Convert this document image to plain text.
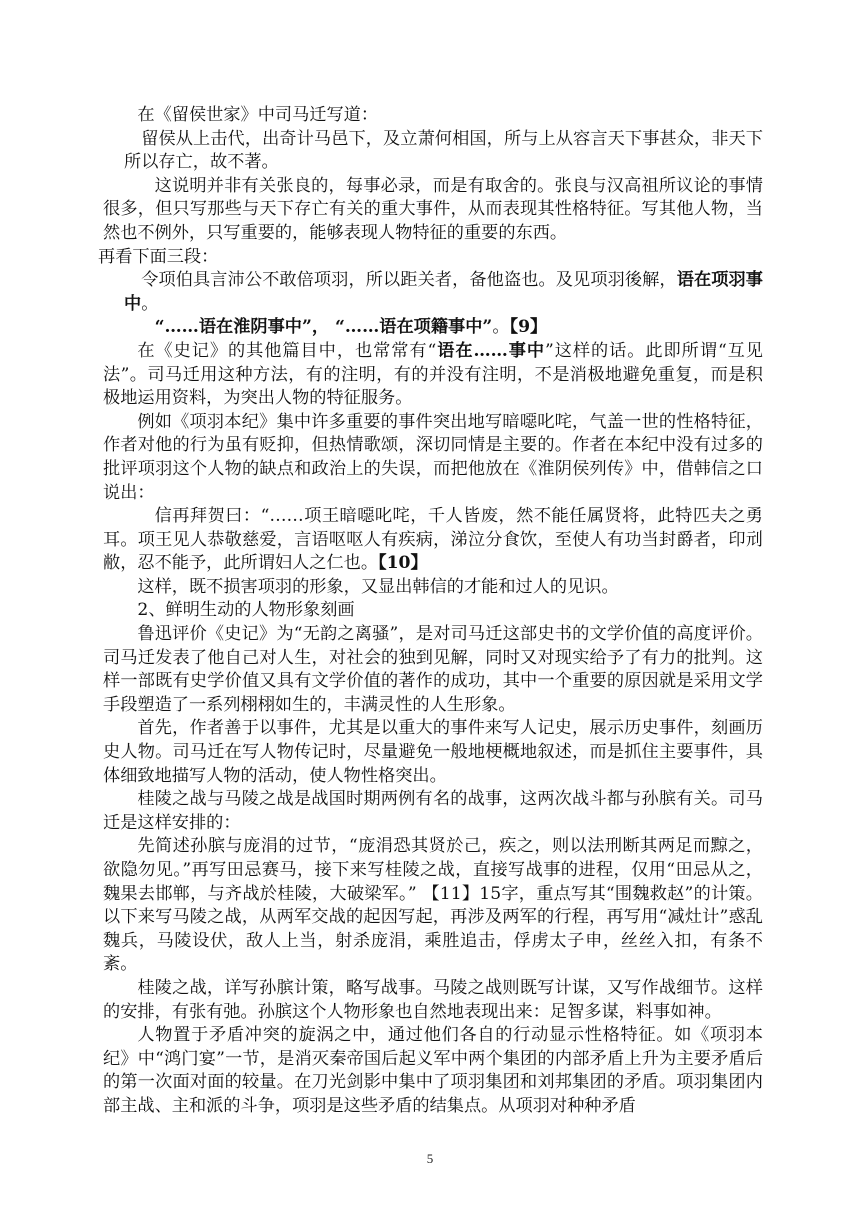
在《留侯世家》中司马迁写道：

留侯从上击代，出奇计马邑下，及立萧何相国，所与上从容言天下事甚众，非天下所以存亡，故不著。

这说明并非有关张良的，每事必录，而是有取舍的。张良与汉高祖所议论的事情很多，但只写那些与天下存亡有关的重大事件，从而表现其性格特征。写其他人物，当然也不例外，只写重要的，能够表现人物特征的重要的东西。

再看下面三段：

令项伯具言沛公不敢倍项羽，所以距关者，备他盗也。及见项羽後解，语在项羽事中。

“……语在淮阴事中”， “……语在项籍事中”。【9】

在《史记》的其他篇目中，也常常有“语在……事中”这样的话。此即所谓“互见法”。司马迁用这种方法，有的注明，有的并没有注明，不是消极地避免重复，而是积极地运用资料，为突出人物的特征服务。

例如《项羽本纪》集中许多重要的事件突出地写暗噁叱咤，气盖一世的性格特征，作者对他的行为虽有贬抑，但热情歌颂，深切同情是主要的。作者在本纪中没有过多的批评项羽这个人物的缺点和政治上的失误，而把他放在《淮阴侯列传》中，借韩信之口说出：

信再拜贺曰：“……项王暗噁叱咤，千人皆废，然不能任属贤将，此特匹夫之勇耳。项王见人恭敬慈爱，言语呕呕人有疾病，涕泣分食饮，至使人有功当封爵者，印刓敝，忍不能予，此所谓妇人之仁也。【10】

这样，既不损害项羽的形象，又显出韩信的才能和过人的见识。

2、鲜明生动的人物形象刻画

鲁迅评价《史记》为“无韵之离骚”，是对司马迁这部史书的文学价值的高度评价。司马迁发表了他自己对人生，对社会的独到见解，同时又对现实给予了有力的批判。这样一部既有史学价值又具有文学价值的著作的成功，其中一个重要的原因就是采用文学手段塑造了一系列栩栩如生的，丰满灵性的人生形象。

首先，作者善于以事件，尤其是以重大的事件来写人记史，展示历史事件，刻画历史人物。司马迁在写人物传记时，尽量避免一般地梗概地叙述，而是抓住主要事件，具体细致地描写人物的活动，使人物性格突出。

桂陵之战与马陵之战是战国时期两例有名的战事，这两次战斗都与孙膑有关。司马迁是这样安排的：

先简述孙膑与庞涓的过节，“庞涓恐其贤於己，疾之，则以法刑断其两足而黥之，欲隐勿见。”再写田忌赛马，接下来写桂陵之战，直接写战事的进程，仅用“田忌从之，魏果去邯郸，与齐战於桂陵，大破梁军。” 【11】15字，重点写其“围魏救赵”的计策。以下来写马陵之战，从两军交战的起因写起，再涉及两军的行程，再写用“减灶计”惑乱魏兵，马陵设伏，敌人上当，射杀庞涓，乘胜追击，俘虏太子申，丝丝入扣，有条不紊。

桂陵之战，详写孙膑计策，略写战事。马陵之战则既写计谋，又写作战细节。这样的安排，有张有弛。孙膑这个人物形象也自然地表现出来：足智多谋，料事如神。

人物置于矛盾冲突的旋涡之中，通过他们各自的行动显示性格特征。如《项羽本纪》中“鸿门宴”一节，是消灭秦帝国后起义军中两个集团的内部矛盾上升为主要矛盾后的第一次面对面的较量。在刀光剑影中集中了项羽集团和刘邦集团的矛盾。项羽集团内部主战、主和派的斗争，项羽是这些矛盾的结集点。从项羽对种种矛盾

5
